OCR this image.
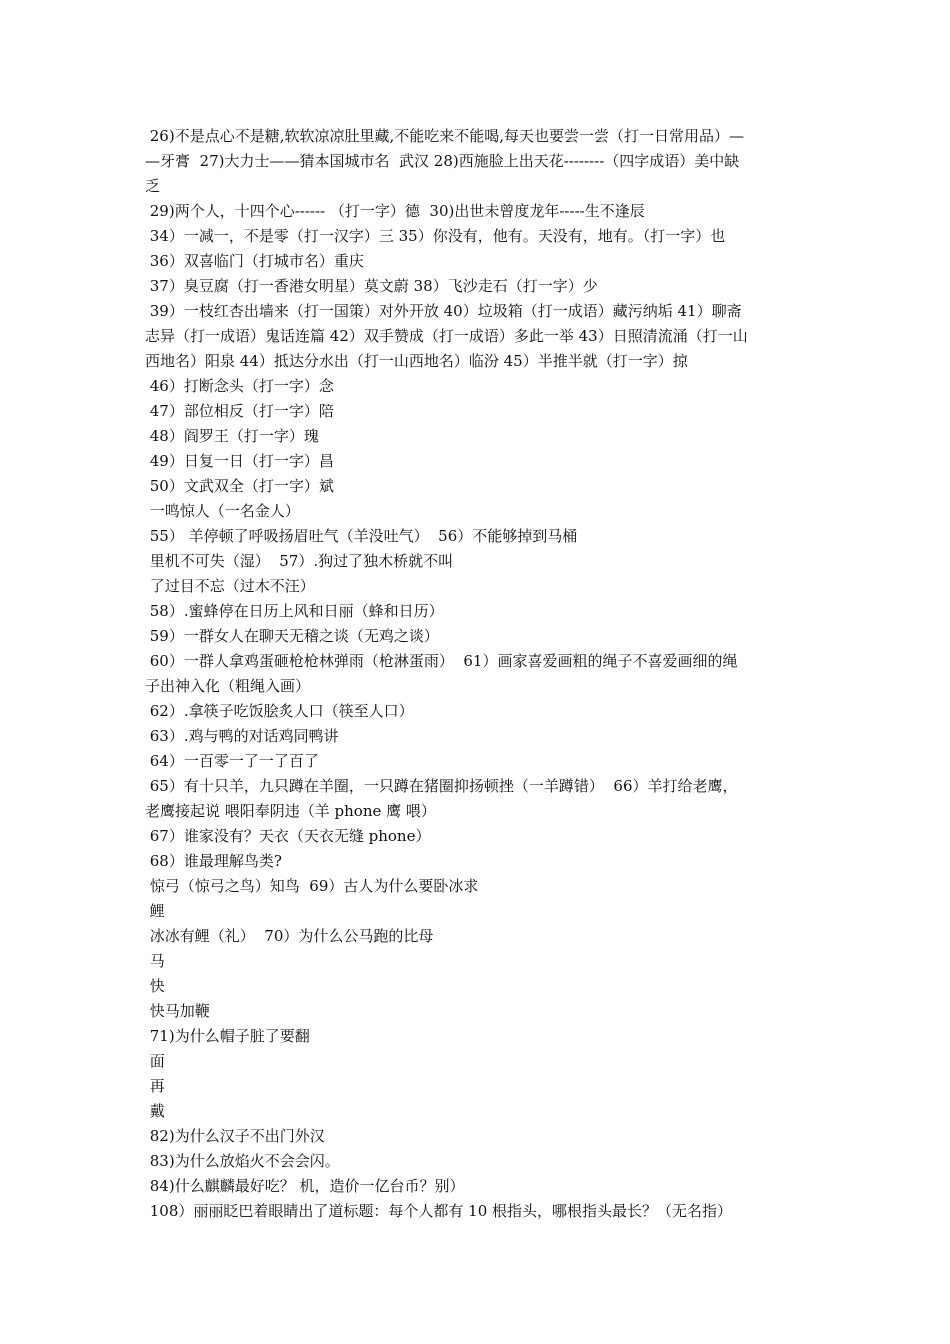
26)不是点心不是糖,软软凉凉肚里藏,不能吃来不能喝,每天也要尝一尝（打一日常用品）—
—牙膏  27)大力士——猜本国城市名  武汉 28)西施脸上出天花--------（四字成语）美中缺
乏
29)两个人，十四个心------ （打一字）德  30)出世未曾度龙年-----生不逢辰
34）一减一，不是零（打一汉字）三 35）你没有，他有。天没有，地有。（打一字）也
36）双喜临门（打城市名）重庆
37）臭豆腐（打一香港女明星）莫文蔚 38）飞沙走石（打一字）少
39）一枝红杏出墙来（打一国策）对外开放 40）垃圾箱（打一成语）藏污纳垢 41）聊斋
志异（打一成语）鬼话连篇 42）双手赞成（打一成语）多此一举 43）日照清流涌（打一山
西地名）阳泉 44）抵达分水出（打一山西地名）临汾 45）半推半就（打一字）掠
46）打断念头（打一字）念
47）部位相反（打一字）陪
48）阎罗王（打一字）瑰
49）日复一日（打一字）昌
50）文武双全（打一字）斌
一鸣惊人（一名金人）
55） 羊停顿了呼吸扬眉吐气（羊没吐气）  56）不能够掉到马桶
里机不可失（湿）  57）.狗过了独木桥就不叫
了过目不忘（过木不汪）
58）.蜜蜂停在日历上风和日丽（蜂和日历）
59）一群女人在聊天无稽之谈（无鸡之谈）
60）一群人拿鸡蛋砸枪枪林弹雨（枪淋蛋雨）  61）画家喜爱画粗的绳子不喜爱画细的绳
子出神入化（粗绳入画）
62）.拿筷子吃饭脍炙人口（筷至人口）
63）.鸡与鸭的对话鸡同鸭讲
64）一百零一了一了百了
65）有十只羊，九只蹲在羊圈，一只蹲在猪圈抑扬顿挫（一羊蹲错）  66）羊打给老鹰，
老鹰接起说 喂阳奉阴违（羊 phone 鹰 喂）
67）谁家没有？天衣（天衣无缝 phone）
68）谁最理解鸟类?
惊弓（惊弓之鸟）知鸟  69）古人为什么要卧冰求
鲤
冰冰有鲤（礼）  70）为什么公马跑的比母
马
快
快马加鞭
71)为什么帽子脏了要翻
面
再
戴
82)为什么汉子不出门外汉
83)为什么放焰火不会会闪。
84)什么麒麟最好吃？ 机，造价一亿台币？别）
108）丽丽眨巴着眼睛出了道标题：每个人都有 10 根指头，哪根指头最长？（无名指）
